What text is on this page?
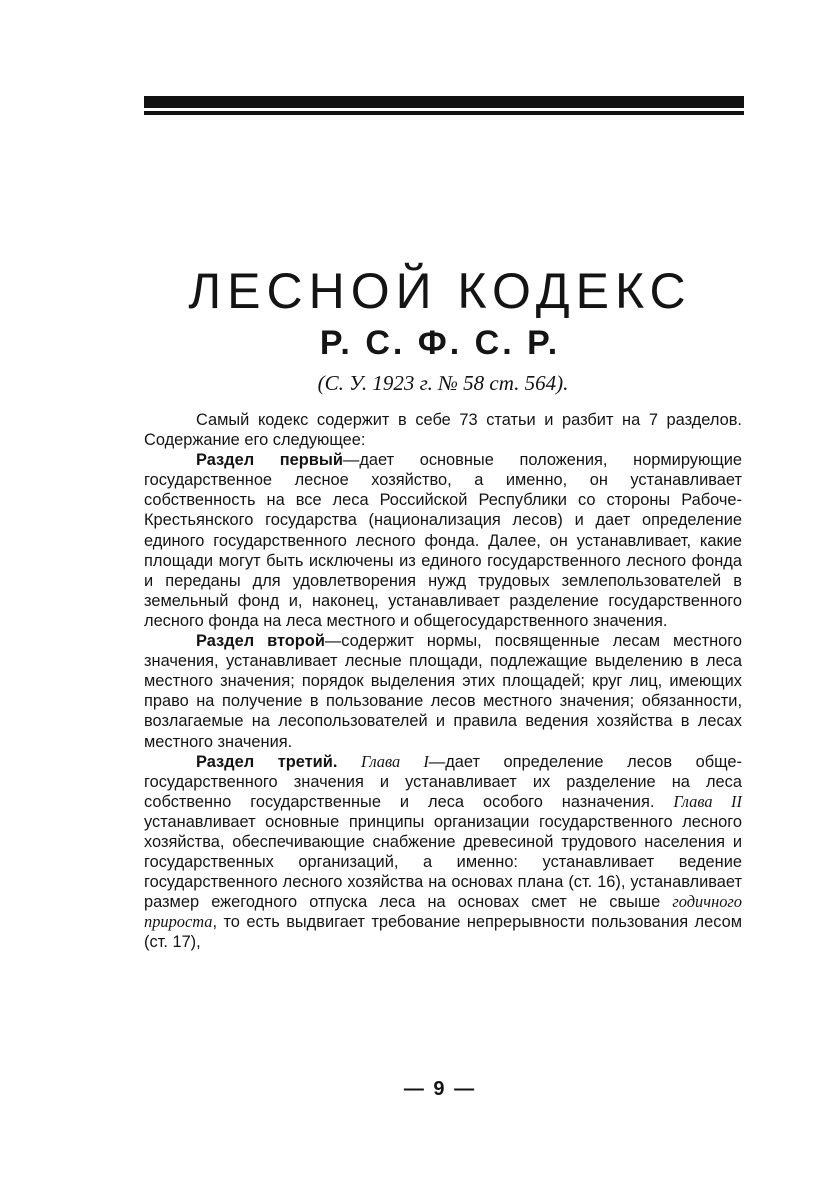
ЛЕСНОЙ КОДЕКС
Р. С. Ф. С. Р.

(С. У. 1923 г. № 58 ст. 564).

Самый кодекс содержит в себе 73 статьи и разбит на 7 разделов. Содержание его следующее:

Раздел первый—дает основные положения, нормирующие государственное лесное хозяйство, а именно, он устанавливает собственность на все леса Российской Республики со стороны Рабоче-Крестьянского государства (национализация лесов) и дает определение единого государственного лесного фонда. Далее, он устанавливает, какие площади могут быть исключены из единого государственного лесного фонда и переданы для удовлетворения нужд трудовых землепользователей в земельный фонд и, наконец, устанавливает разделение государственного лесного фонда на леса местного и общегосударственного значения.

Раздел второй—содержит нормы, посвященные лесам местного значения, устанавливает лесные площади, подлежащие выделению в леса местного значения; порядок выделения этих площадей; круг лиц, имеющих право на получение в пользование лесов местного значения; обязанности, возлагаемые на лесопользователей и правила ведения хозяйства в лесах местного значения.

Раздел третий. Глава I—дает определение лесов обще-государственного значения и устанавливает их разделение на леса собственно государственные и леса особого назначения. Глава II устанавливает основные принципы организации государственного лесного хозяйства, обеспечивающие снабжение древесиной трудового населения и государственных организаций, а именно: устанавливает ведение государственного лесного хозяйства на основах плана (ст. 16), устанавливает размер ежегодного отпуска леса на основах смет не свыше годичного прироста, то есть выдвигает требование непрерывности пользования лесом (ст. 17),

— 9 —
